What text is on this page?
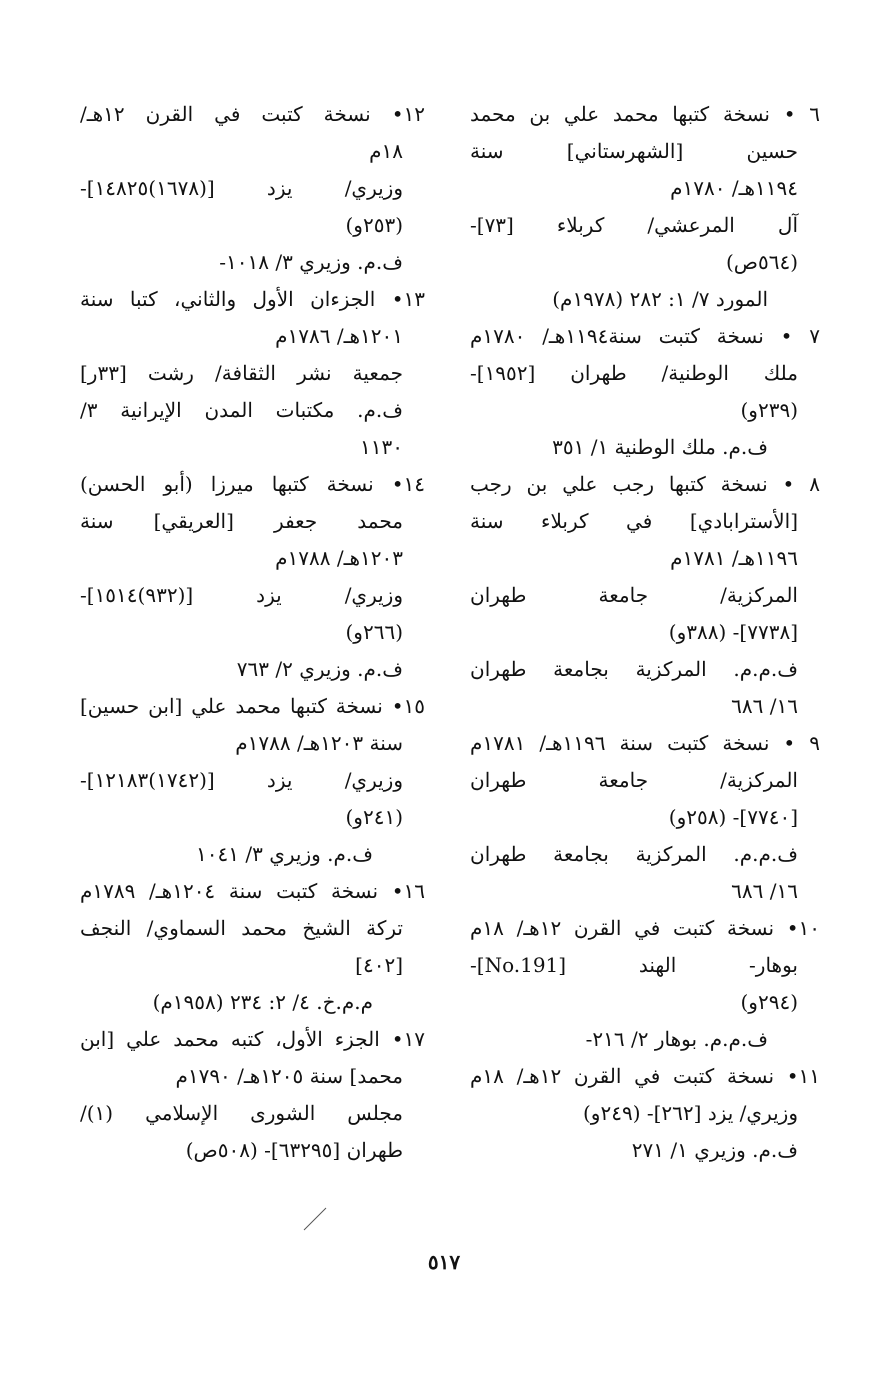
٦ • نسخة كتبها محمد علي بن محمد
حسين [الشهرستاني] سنة
١١٩٤هـ/ ١٧٨٠م
آل المرعشي/ كربلاء [٧٣]-
(٥٦٤ص)
المورد ٧/ ١: ٢٨٢ (١٩٧٨م)
٧ • نسخة كتبت سنة١١٩٤هـ/ ١٧٨٠م
ملك الوطنية/ طهران [١٩٥٢]-
(٢٣٩و)
ف.م. ملك الوطنية ١/ ٣٥١
٨ • نسخة كتبها رجب علي بن رجب
[الأسترابادي] في كربلاء سنة
١١٩٦هـ/ ١٧٨١م
المركزية/ جامعة طهران
[٧٧٣٨]- (٣٨٨و)
ف.م.م. المركزية بجامعة طهران
١٦/ ٦٨٦
٩ • نسخة كتبت سنة ١١٩٦هـ/ ١٧٨١م
المركزية/ جامعة طهران
[٧٧٤٠]- (٢٥٨و)
ف.م.م. المركزية بجامعة طهران
١٦/ ٦٨٦
١٠• نسخة كتبت في القرن ١٢هـ/ ١٨م
بوهار- الهند [No.191]-
(٢٩٤و)
ف.م.م. بوهار ٢/ ٢١٦-
١١• نسخة كتبت في القرن ١٢هـ/ ١٨م
وزيري/ يزد [٢٦٢]- (٢٤٩و)
ف.م. وزيري ١/ ٢٧١
١٢• نسخة كتبت في القرن ١٢هـ/
١٨م
وزيري/ يزد [(١٦٧٨)١٤٨٢٥]-
(٢٥٣و)
ف.م. وزيري ٣/ ١٠١٨-
١٣• الجزءان الأول والثاني، كتبا سنة
١٢٠١هـ/ ١٧٨٦م
جمعية نشر الثقافة/ رشت [٣٣ر]
ف.م. مكتبات المدن الإيرانية ٣/
١١٣٠
١٤• نسخة كتبها ميرزا (أبو الحسن)
محمد جعفر [العريقي] سنة
١٢٠٣هـ/ ١٧٨٨م
وزيري/ يزد [(٩٣٢)١٥١٤]-
(٢٦٦و)
ف.م. وزيري ٢/ ٧٦٣
١٥• نسخة كتبها محمد علي [ابن حسين]
سنة ١٢٠٣هـ/ ١٧٨٨م
وزيري/ يزد [(١٧٤٢)١٢١٨٣]-
(٢٤١و)
ف.م. وزيري ٣/ ١٠٤١
١٦• نسخة كتبت سنة ١٢٠٤هـ/ ١٧٨٩م
تركة الشيخ محمد السماوي/ النجف
[٤٠٢]
م.م.خ. ٤/ ٢: ٢٣٤ (١٩٥٨م)
١٧• الجزء الأول، كتبه محمد علي [ابن
محمد] سنة ١٢٠٥هـ/ ١٧٩٠م
مجلس الشورى الإسلامي (١)/
طهران [٦٣٢٩٥]- (٥٠٨ص)
٥١٧
